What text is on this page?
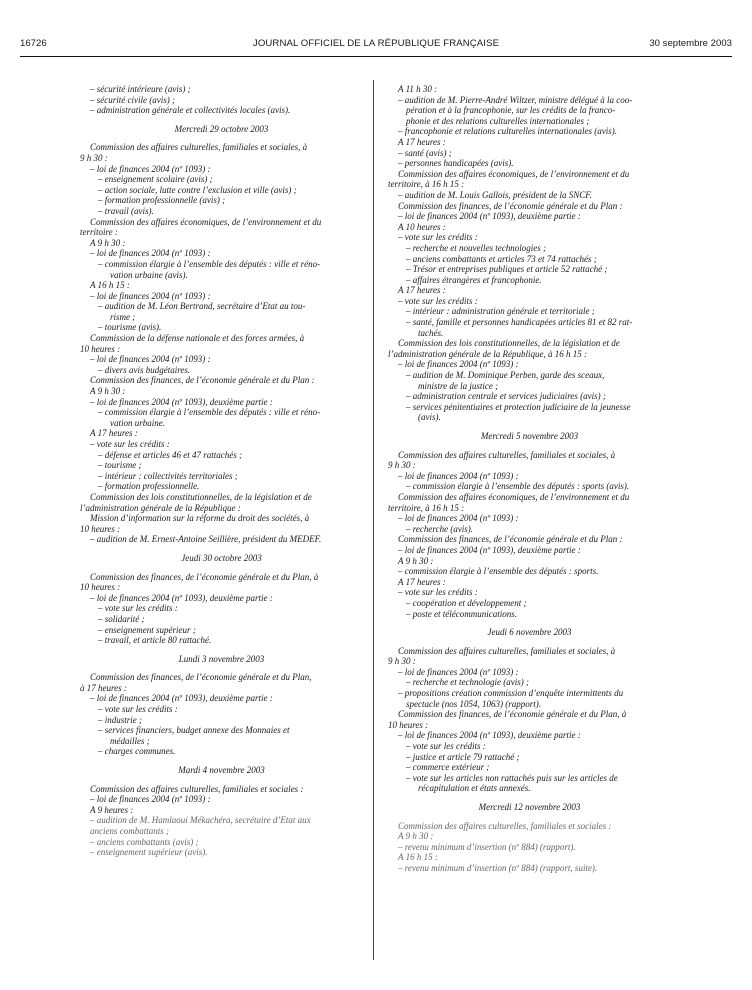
16726	JOURNAL OFFICIEL DE LA RÉPUBLIQUE FRANÇAISE	30 septembre 2003
– sécurité intérieure (avis) ;
– sécurité civile (avis) ;
– administration générale et collectivités locales (avis).
Mercredi 29 octobre 2003
Commission des affaires culturelles, familiales et sociales, à
9 h 30 :
– loi de finances 2004 (nº 1093) :
– enseignement scolaire (avis) ;
– action sociale, lutte contre l’exclusion et ville (avis) ;
– formation professionnelle (avis) ;
– travail (avis).
Commission des affaires économiques, de l’environnement et du
territoire :
A 9 h 30 :
– loi de finances 2004 (nº 1093) :
– commission élargie à l’ensemble des députés : ville et réno-
vation urbaine (avis).
A 16 h 15 :
– loi de finances 2004 (nº 1093) :
– audition de M. Léon Bertrand, secrétaire d’Etat au tou-
risme ;
– tourisme (avis).
Commission de la défense nationale et des forces armées, à
10 heures :
– loi de finances 2004 (nº 1093) :
– divers avis budgétaires.
Commission des finances, de l’économie générale et du Plan :
A 9 h 30 :
– loi de finances 2004 (nº 1093), deuxième partie :
– commission élargie à l’ensemble des députés : ville et réno-
vation urbaine.
A 17 heures :
– vote sur les crédits :
– défense et articles 46 et 47 rattachés ;
– tourisme ;
– intérieur : collectivités territoriales ;
– formation professionnelle.
Commission des lois constitutionnelles, de la législation et de
l’administration générale de la République :
Mission d’information sur la réforme du droit des sociétés, à
10 heures :
– audition de M. Ernest-Antoine Seillière, président du MEDEF.
Jeudi 30 octobre 2003
Commission des finances, de l’économie générale et du Plan, à
10 heures :
– loi de finances 2004 (nº 1093), deuxième partie :
– vote sur les crédits :
– solidarité ;
– enseignement supérieur ;
– travail, et article 80 rattaché.
Lundi 3 novembre 2003
Commission des finances, de l’économie générale et du Plan,
à 17 heures :
– loi de finances 2004 (nº 1093), deuxième partie :
– vote sur les crédits :
– industrie ;
– services financiers, budget annexe des Monnaies et
médailles ;
– charges communes.
Mardi 4 novembre 2003
Commission des affaires culturelles, familiales et sociales :
– loi de finances 2004 (nº 1093) :
A 9 heures :
– audition de M. Hamlaoui Mékachéra, secrétaire d’Etat aux
anciens combattants ;
– anciens combattants (avis) ;
– enseignement supérieur (avis).
A 11 h 30 :
– audition de M. Pierre-André Wiltzer, ministre délégué à la coo-
pération et à la francophonie, sur les crédits de la franco-
phonie et des relations culturelles internationales ;
– francophonie et relations culturelles internationales (avis).
A 17 heures :
– santé (avis) ;
– personnes handicapées (avis).
Commission des affaires économiques, de l’environnement et du
territoire, à 16 h 15 :
– audition de M. Louis Gallois, président de la SNCF.
Commission des finances, de l’économie générale et du Plan :
– loi de finances 2004 (nº 1093), deuxième partie :
A 10 heures :
– vote sur les crédits :
– recherche et nouvelles technologies ;
– anciens combattants et articles 73 et 74 rattachés ;
– Trésor et entreprises publiques et article 52 rattaché ;
– affaires étrangères et francophonie.
A 17 heures :
– vote sur les crédits :
– intérieur : administration générale et territoriale ;
– santé, famille et personnes handicapées articles 81 et 82 rat-
tachés.
Commission des lois constitutionnelles, de la législation et de
l’administration générale de la République, à 16 h 15 :
– loi de finances 2004 (nº 1093) :
– audition de M. Dominique Perben, garde des sceaux,
ministre de la justice ;
– administration centrale et services judiciaires (avis) ;
– services pénitentiaires et protection judiciaire de la jeunesse
(avis).
Mercredi 5 novembre 2003
Commission des affaires culturelles, familiales et sociales, à
9 h 30 :
– loi de finances 2004 (nº 1093) :
– commission élargie à l’ensemble des députés : sports (avis).
Commission des affaires économiques, de l’environnement et du
territoire, à 16 h 15 :
– loi de finances 2004 (nº 1093) :
– recherche (avis).
Commission des finances, de l’économie générale et du Plan :
– loi de finances 2004 (nº 1093), deuxième partie :
A 9 h 30 :
– commission élargie à l’ensemble des députés : sports.
A 17 heures :
– vote sur les crédits :
– coopération et développement ;
– poste et télécommunications.
Jeudi 6 novembre 2003
Commission des affaires culturelles, familiales et sociales, à
9 h 30 :
– loi de finances 2004 (nº 1093) :
– recherche et technologie (avis) ;
– propositions création commission d’enquête intermittents du
spectacle (nos 1054, 1063) (rapport).
Commission des finances, de l’économie générale et du Plan, à
10 heures :
– loi de finances 2004 (nº 1093), deuxième partie :
– vote sur les crédits :
– justice et article 79 rattaché ;
– commerce extérieur ;
– vote sur les articles non rattachés puis sur les articles de
récapitulation et états annexés.
Mercredi 12 novembre 2003
Commission des affaires culturelles, familiales et sociales :
A 9 h 30 :
– revenu minimum d’insertion (nº 884) (rapport).
A 16 h 15 :
– revenu minimum d’insertion (nº 884) (rapport, suite).
